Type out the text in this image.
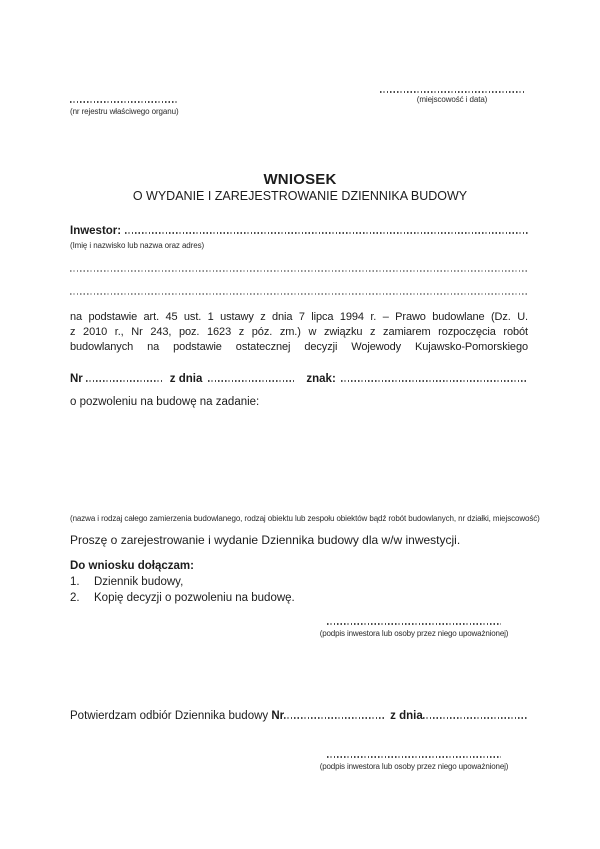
(miejscowość i data)
(nr rejestru właściwego organu)
WNIOSEK
O WYDANIE I ZAREJESTROWANIE DZIENNIKA BUDOWY
Inwestor:
(Imię i nazwisko lub nazwa oraz adres)
na podstawie art. 45 ust. 1 ustawy z dnia 7 lipca 1994 r. – Prawo budowlane (Dz. U.
z 2010 r., Nr 243, poz. 1623 z póz. zm.) w związku z zamiarem rozpoczęcia robót
budowlanych na podstawie ostatecznej decyzji Wojewody Kujawsko-Pomorskiego
Nr	z dnia	znak:
o pozwoleniu na budowę na zadanie:
(nazwa i rodzaj całego zamierzenia budowlanego, rodzaj obiektu lub zespołu obiektów bądź robót budowlanych, nr działki, miejscowość)
Proszę o zarejestrowanie i wydanie Dziennika budowy dla w/w inwestycji.
Do wniosku dołączam:
1.	Dziennik budowy,
2.	Kopię decyzji o pozwoleniu na budowę.
(podpis inwestora lub osoby przez niego upoważnionej)
Potwierdzam odbiór Dziennika budowy
Nr	z dnia
(podpis inwestora lub osoby przez niego upoważnionej)
